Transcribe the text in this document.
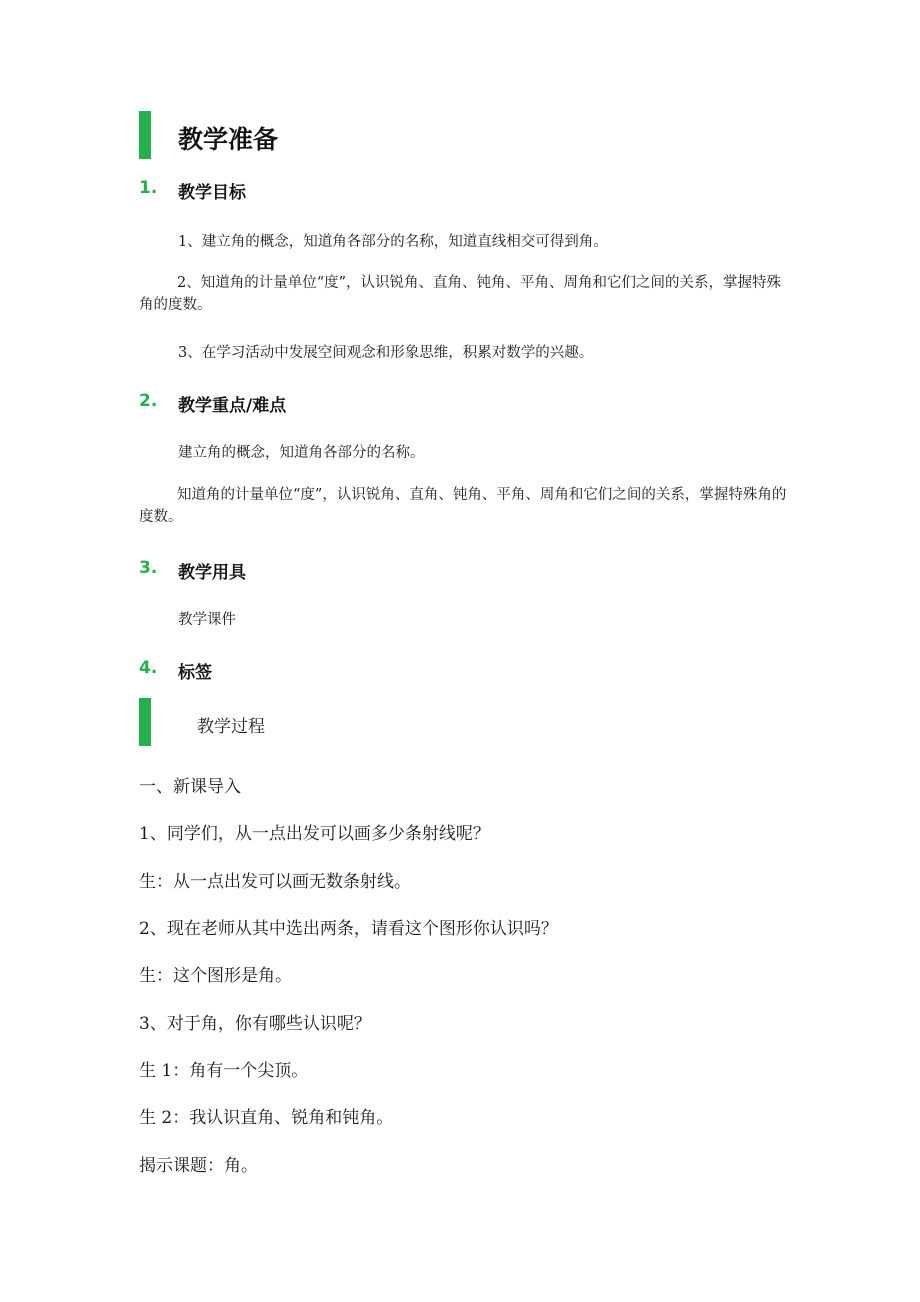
教学准备
1. 教学目标
1、建立角的概念，知道角各部分的名称，知道直线相交可得到角。
2、知道角的计量单位“度”，认识锐角、直角、钝角、平角、周角和它们之间的关系，掌握特殊角的度数。
3、在学习活动中发展空间观念和形象思维，积累对数学的兴趣。
2. 教学重点/难点
建立角的概念，知道角各部分的名称。
知道角的计量单位“度”，认识锐角、直角、钝角、平角、周角和它们之间的关系，掌握特殊角的度数。
3. 教学用具
教学课件
4. 标签
教学过程
一、新课导入
1、同学们，从一点出发可以画多少条射线呢？
生：从一点出发可以画无数条射线。
2、现在老师从其中选出两条，请看这个图形你认识吗？
生：这个图形是角。
3、对于角，你有哪些认识呢？
生 1：角有一个尖顶。
生 2：我认识直角、锐角和钝角。
揭示课题：角。
